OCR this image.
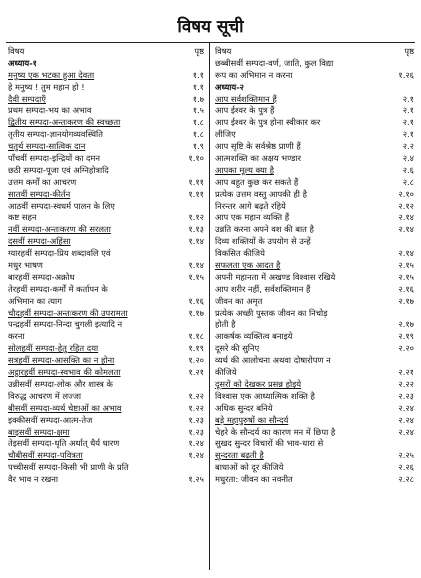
विषय सूची
विषय	पृष्ठ
अध्याय-१
मनुष्य एक भटका हुआ देवता	१.१
हे मनुष्य ! तुम महान हो !	१.१
दैवी सम्पदाएँ	१.७
प्रथम सम्पदा-भय का अभाव	१.५
द्वितीय सम्पदा-अन्तःकरण की स्वच्छता	१.८
तृतीय सम्पदा-ज्ञानयोगव्यवस्थिति	१.८
चतुर्थ सम्पदा-सात्विक दान	१.९
पाँचवीं सम्पदा-इन्द्रियों का दमन	१.१०
छठी सम्पदा-पूजा एवं अग्निहोत्रादि
उत्तम कर्मों का आचरण	१.११
सातवीं सम्पदा-कीर्तन	१.११
आठवीं सम्पदा-स्वधर्म पालन के लिए
कष्ट सहन	१.१२
नवीं सम्पदा-अन्तःकरण की सरलता	१.१३
दसवीं सम्पदा-अहिंसा	१.१४
ग्यारहवीं सम्पदा-प्रिय शब्दावलि एवं
मधुर भाषण	१.१४
बारहवीं सम्पदा-अक्रोध	१.१५
तेरहवीं सम्पदा-कर्मों में कर्तापन के
अभिमान का त्याग	१.१६
चौदहवीं सम्पदा-अन्तःकरण की उपरामता	१.१७
पन्द्रहवीं सम्पदा-निन्दा चुगली इत्यादि न
करना	१.१८
सोलहवीं सम्पदा-हेतु रहित दया	१.१९
सत्रहवीं सम्पदा-आसक्ति का न होना	१.२०
अट्ठारहवीं सम्पदा-स्वभाव की कोमलता	१.२१
उन्नीसवीं सम्पदा-लोक और शास्त्र के
विरुद्ध आचरण में लज्जा	१.२२
बीसवीं सम्पदा-व्यर्थ चेष्टाओं का अभाव	१.२२
इक्कीसवीं सम्पदा-आत्म-तेज	१.२३
बाइसवीं सम्पदा-क्षमा	१.२३
तेइसवीं सम्पदा-धृति अर्थात् धैर्य धारण	१.२४
चौबीसवीं सम्पदा-पवित्रता	१.२४
पच्चीसवीं सम्पदा-किसी भी प्राणी के प्रति
वैर भाव न रखना	१.२५
विषय	पृष्ठ
छब्बीसवीं सम्पदा-वर्ण, जाति, कुल विद्या
रूप का अभिमान न करना	१.२६
अध्याय-२
आप सर्वशक्तिमान हैं	२.१
आप ईश्वर के पुत्र हैं	२.१
आप ईश्वर के पुत्र होना स्वीकार कर	२.१
लीजिए	२.१
आप सृष्टि के सर्वश्रेष्ठ प्राणी हैं	२.२
आत्मशक्ति का अक्षय भण्डार	२.४
आपका मूल्य क्या है	२.६
आप बहुत कुछ कर सकते हैं	२.८
प्रत्येक उत्तम वस्तु आपकी ही है	२.१०
निरन्तर आगे बढ़ते रहिये	२.१२
आप एक महान व्यक्ति हैं	२.१४
उन्नति करना अपने वश की बात है	२.१४
दिव्य शक्तियों के उपयोग से उन्हें
विकसित कीजिये	२.१४
सफलता एक आदत है	२.१५
अपनी महानता में अखण्ड विश्वास रखिये	२.१५
आप शरीर नहीं, सर्वशक्तिमान हैं	२.१६
जीवन का अमृत	२.१७
प्रत्येक अच्छी पुस्तक जीवन का निचोड़
होती है	२.१७
आकर्षक व्यक्तित्व बनाइये	२.१९
दूसरे की सुनिए	२.२०
व्यर्थ की आलोचना अथवा दोषारोपण न
कीजिये	२.२१
दूसरों को देखकर प्रसन्न होइये	२.२२
विश्वास एक आध्यात्मिक शक्ति है	२.२३
अधिक सुन्दर बनिये	२.२४
बड़े महापुरुषों का सौन्दर्य	२.२४
चेहरे के सौन्दर्य का कारण मन में छिपा है	२.२४
सुखद सुन्दर विचारों की भाव-धारा से
सुन्दरता बढ़ती है	२.२५
बाधाओं को दूर कीजिये	२.२६
मधुरता: जीवन का नवनीत	२.२८
